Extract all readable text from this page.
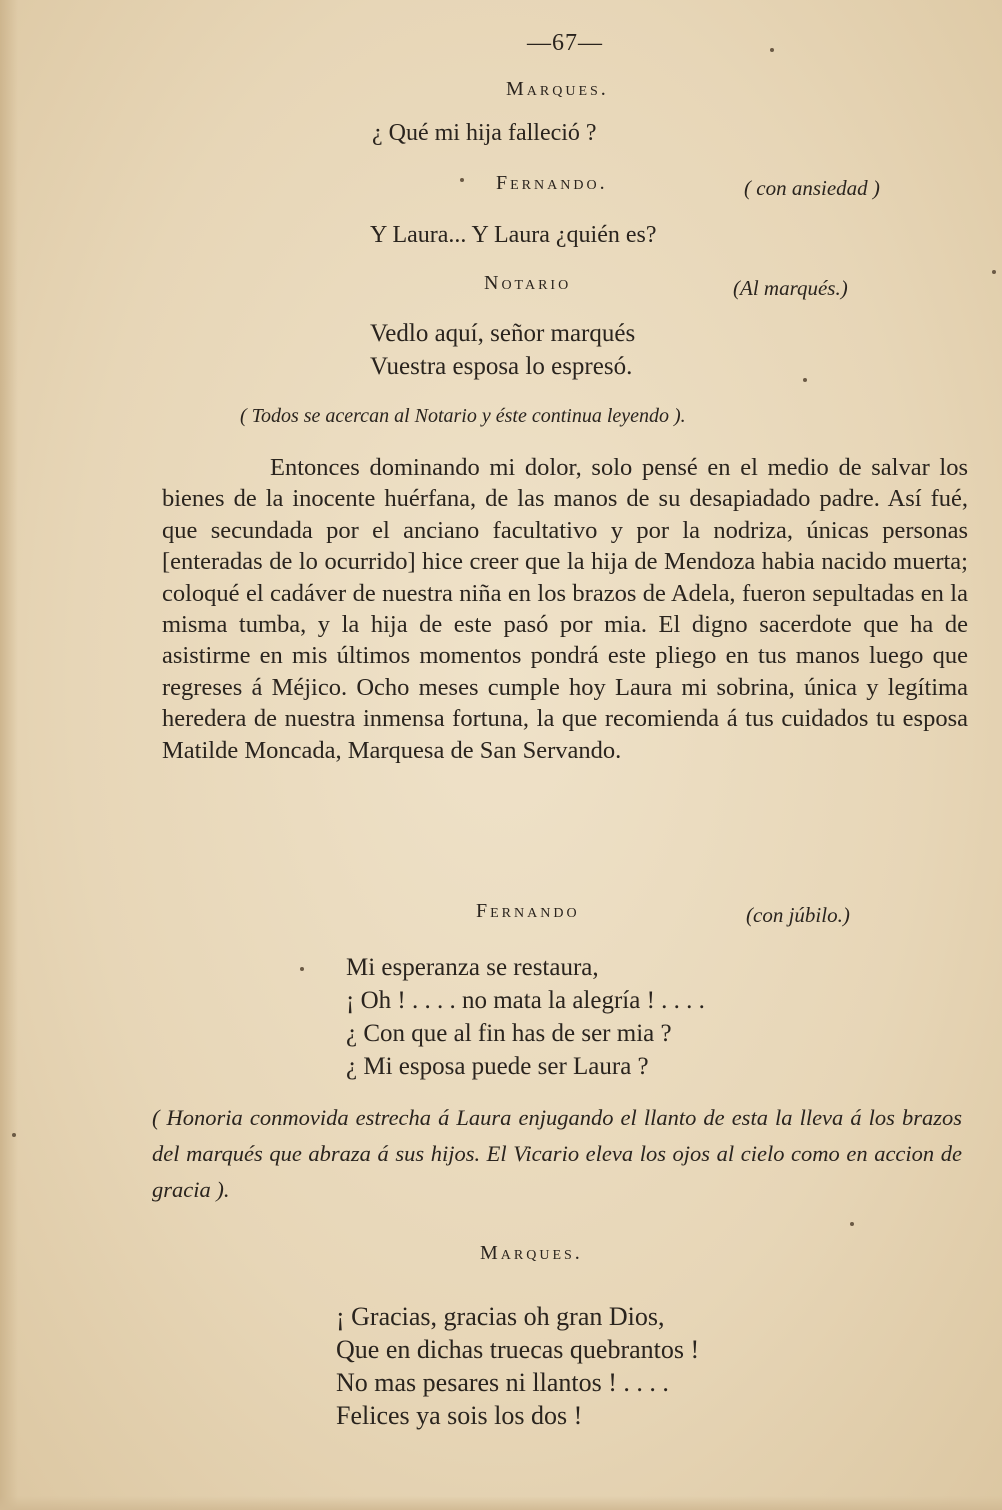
—67—
Marques.
¿ Qué mi hija falleció ?
Fernando.	( con ansiedad )
Y Laura... Y Laura ¿quién es?
Notario	(Al marqués.)
Vedlo aquí, señor marqués
Vuestra esposa lo espresó.
( Todos se acercan al Notario y éste continua leyendo ).

Entonces dominando mi dolor, solo pensé en el medio de salvar los bienes de la inocente huérfana, de las manos de su desapiadado padre. Así fué, que secundada por el anciano facultativo y por la nodriza, únicas personas [enteradas de lo ocurrido] hice creer que la hija de Mendoza habia nacido muerta; coloqué el cadáver de nuestra niña en los brazos de Adela, fueron sepultadas en la misma tumba, y la hija de este pasó por mia. El digno sacerdote que ha de asistirme en mis últimos momentos pondrá este pliego en tus manos luego que regreses á Méjico. Ocho meses cumple hoy Laura mi sobrina, única y legítima heredera de nuestra inmensa fortuna, la que recomienda á tus cuidados tu esposa Matilde Moncada, Marquesa de San Servando.

Fernando	(con júbilo.)
Mi esperanza se restaura,
¡ Oh ! . . . . no mata la alegría ! . . . .
¿ Con que al fin has de ser mia ?
¿ Mi esposa puede ser Laura ?
( Honoria conmovida estrecha á Laura enjugando el llanto de esta la lleva á los brazos del marqués que abraza á sus hijos. El Vicario eleva los ojos al cielo como en accion de gracia ).
Marques.
¡ Gracias, gracias oh gran Dios,
Que en dichas truecas quebrantos !
No mas pesares ni llantos ! . . . .
Felices ya sois los dos !
